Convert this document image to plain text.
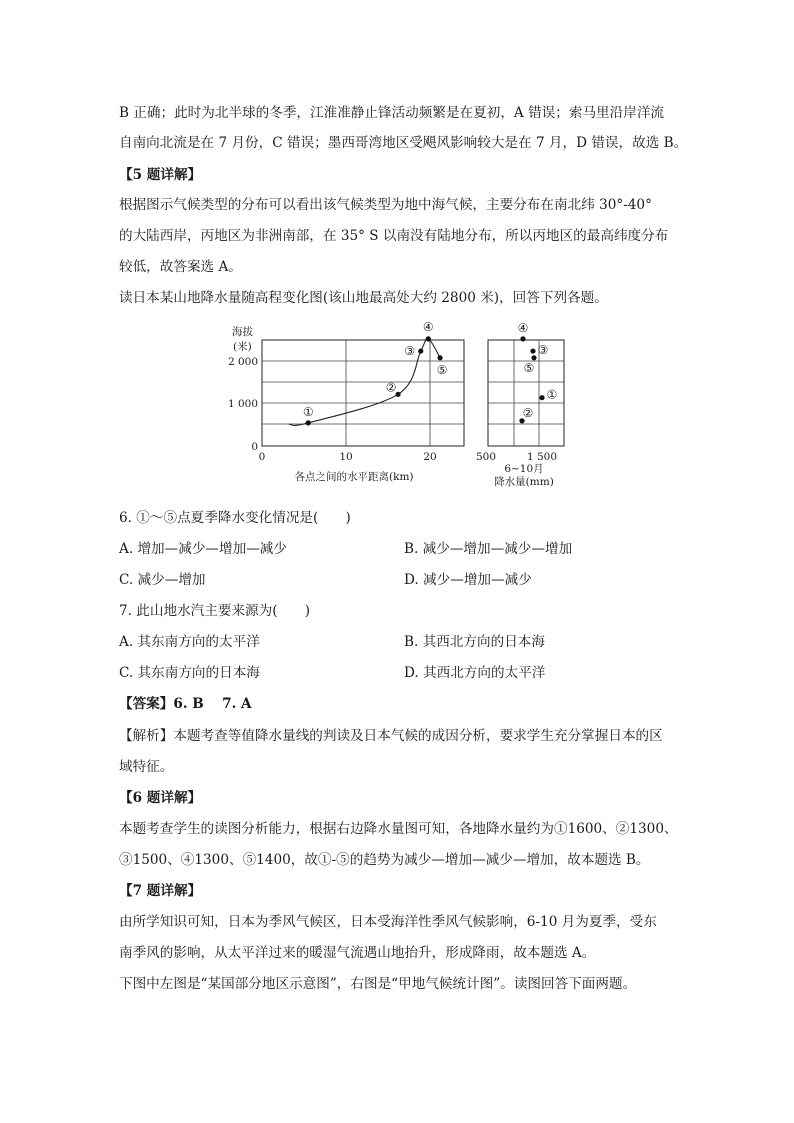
B 正确；此时为北半球的冬季，江淮准静止锋活动频繁是在夏初，A 错误；索马里沿岸洋流
自南向北流是在 7 月份，C 错误；墨西哥湾地区受飓风影响较大是在 7 月，D 错误，故选 B。
【5 题详解】
根据图示气候类型的分布可以看出该气候类型为地中海气候，主要分布在南北纬 30°-40°
的大陆西岸，丙地区为非洲南部，在 35° S 以南没有陆地分布，所以丙地区的最高纬度分布
较低，故答案选 A。
读日本某山地降水量随高程变化图(该山地最高处大约 2800 米)，回答下列各题。
海拔
(米)
2 000
1 000
0
0	10	20
各点之间的水平距离(km)
①
②
③
④
⑤
500	1 500
6~10月
降水量(mm)
④
③
⑤
①
②
6. ①～⑤点夏季降水变化情况是(　　)
A. 增加—减少—增加—减少	B. 减少—增加—减少—增加
C. 减少—增加	D. 减少—增加—减少
7. 此山地水汽主要来源为(　　)
A. 其东南方向的太平洋	B. 其西北方向的日本海
C. 其东南方向的日本海	D. 其西北方向的太平洋
【答案】6. B　 7. A
【解析】本题考查等值降水量线的判读及日本气候的成因分析，要求学生充分掌握日本的区
域特征。
【6 题详解】
本题考查学生的读图分析能力，根据右边降水量图可知，各地降水量约为①1600、②1300、
③1500、④1300、⑤1400，故①-⑤的趋势为减少—增加—减少—增加，故本题选 B。
【7 题详解】
由所学知识可知，日本为季风气候区，日本受海洋性季风气候影响，6-10 月为夏季，受东
南季风的影响，从太平洋过来的暖湿气流遇山地抬升，形成降雨，故本题选 A。
下图中左图是“某国部分地区示意图”，右图是“甲地气候统计图”。读图回答下面两题。
